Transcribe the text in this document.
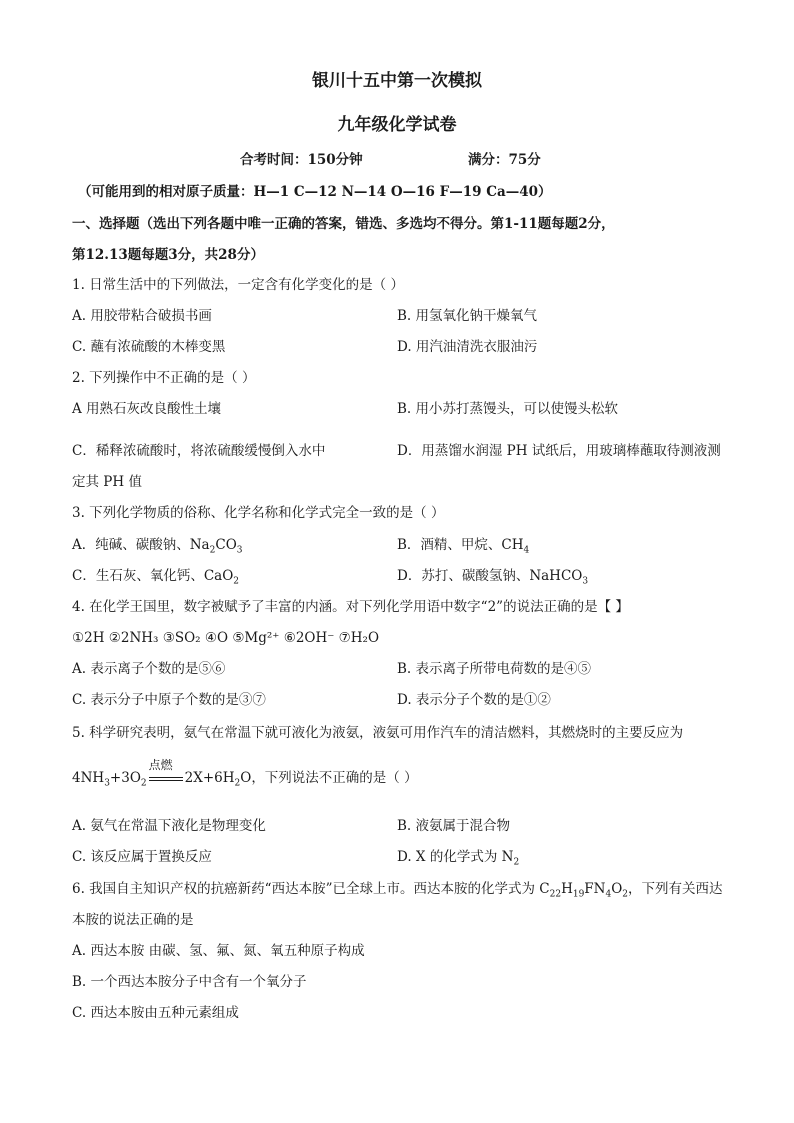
银川十五中第一次模拟
九年级化学试卷
合考时间：150分钟	满分：75分
（可能用到的相对原子质量：H—1 C—12 N—14 O—16 F—19 Ca—40）
一、选择题（选出下列各题中唯一正确的答案，错选、多选均不得分。第1-11题每题2分，
第12.13题每题3分，共28分）
1. 日常生活中的下列做法，一定含有化学变化的是（ ）
A. 用胶带粘合破损书画	B. 用氢氧化钠干燥氧气
C. 蘸有浓硫酸的木棒变黑	D. 用汽油清洗衣服油污
2. 下列操作中不正确的是（ ）
A 用熟石灰改良酸性土壤	B. 用小苏打蒸馒头，可以使馒头松软
C．稀释浓硫酸时，将浓硫酸缓慢倒入水中	D．用蒸馏水润湿 PH 试纸后，用玻璃棒蘸取待测液测
定其 PH 值
3. 下列化学物质的俗称、化学名称和化学式完全一致的是（ ）
A．纯碱、碳酸钠、$Na_2CO_3$	B．酒精、甲烷、$CH_4$
C．生石灰、氧化钙、CaO$_2$	D．苏打、碳酸氢钠、NaHCO$_3$
4. 在化学王国里，数字被赋予了丰富的内涵。对下列化学用语中数字“2”的说法正确的是【 】
①2H ②2NH₃ ③SO₂ ④O ⑤Mg²⁺ ⑥2OH⁻ ⑦H₂O
A. 表示离子个数的是⑤⑥	B. 表示离子所带电荷数的是④⑤
C. 表示分子中原子个数的是③⑦	D. 表示分子个数的是①②
5. 科学研究表明，氨气在常温下就可液化为液氨，液氨可用作汽车的清洁燃料，其燃烧时的主要反应为
$4NH_3+3O_2$
点燃
$2X+6H_2O$，下列说法不正确的是（ ）
A. 氨气在常温下液化是物理变化	B. 液氨属于混合物
C. 该反应属于置换反应	D. X 的化学式为 $N_2$
6. 我国自主知识产权的抗癌新药“西达本胺”已全球上市。西达本胺的化学式为 $C_{22}H_{19}FN_4O_2$，下列有关西达
本胺的说法正确的是
A. 西达本胺 由碳、氢、氟、氮、氧五种原子构成
B. 一个西达本胺分子中含有一个氧分子
C. 西达本胺由五种元素组成
